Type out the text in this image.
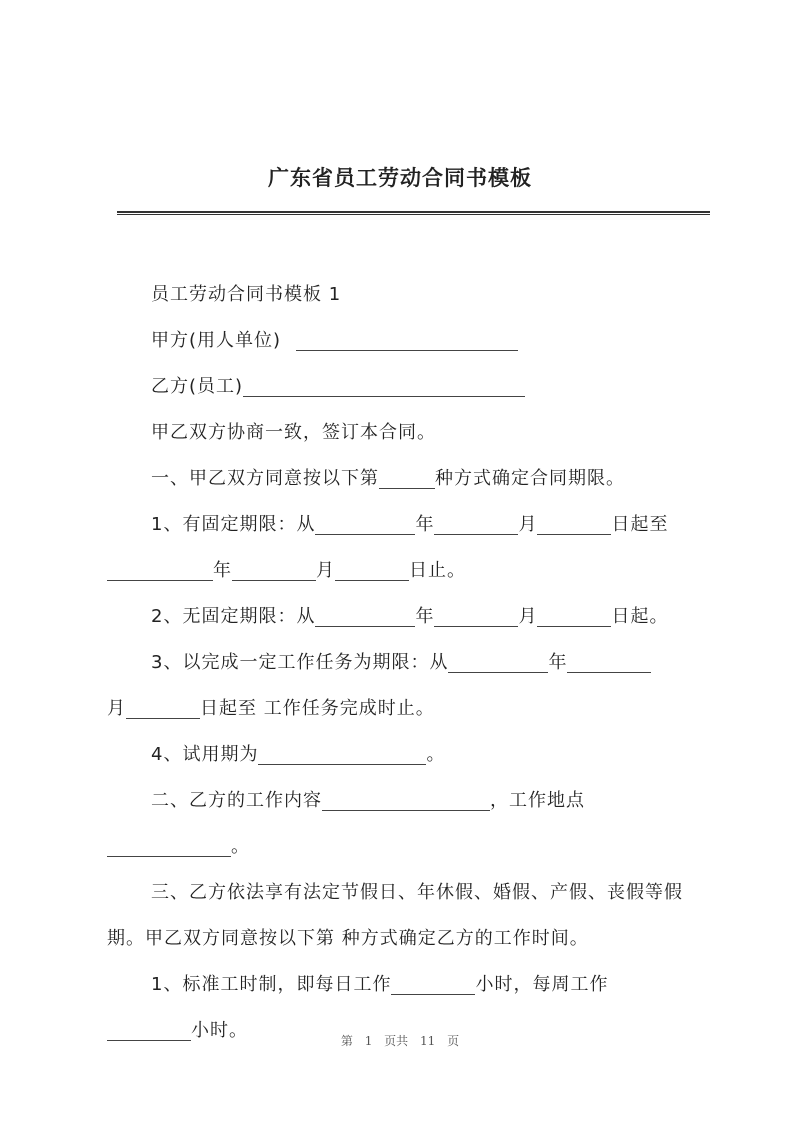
广东省员工劳动合同书模板

员工劳动合同书模板 1

甲方(用人单位)

乙方(员工)

甲乙双方协商一致，签订本合同。

一、甲乙双方同意按以下第	种方式确定合同期限。

1、有固定期限：从	年	月	日起至
年	月	日止。

2、无固定期限：从	年	月	日起。

3、以完成一定工作任务为期限：从	年
月	日起至 工作任务完成时止。

4、试用期为	。

二、乙方的工作内容	，工作地点
。

三、乙方依法享有法定节假日、年休假、婚假、产假、丧假等假期。甲乙双方同意按以下第 种方式确定乙方的工作时间。

1、标准工时制，即每日工作	小时，每周工作
小时。	第 1 页共 11 页
